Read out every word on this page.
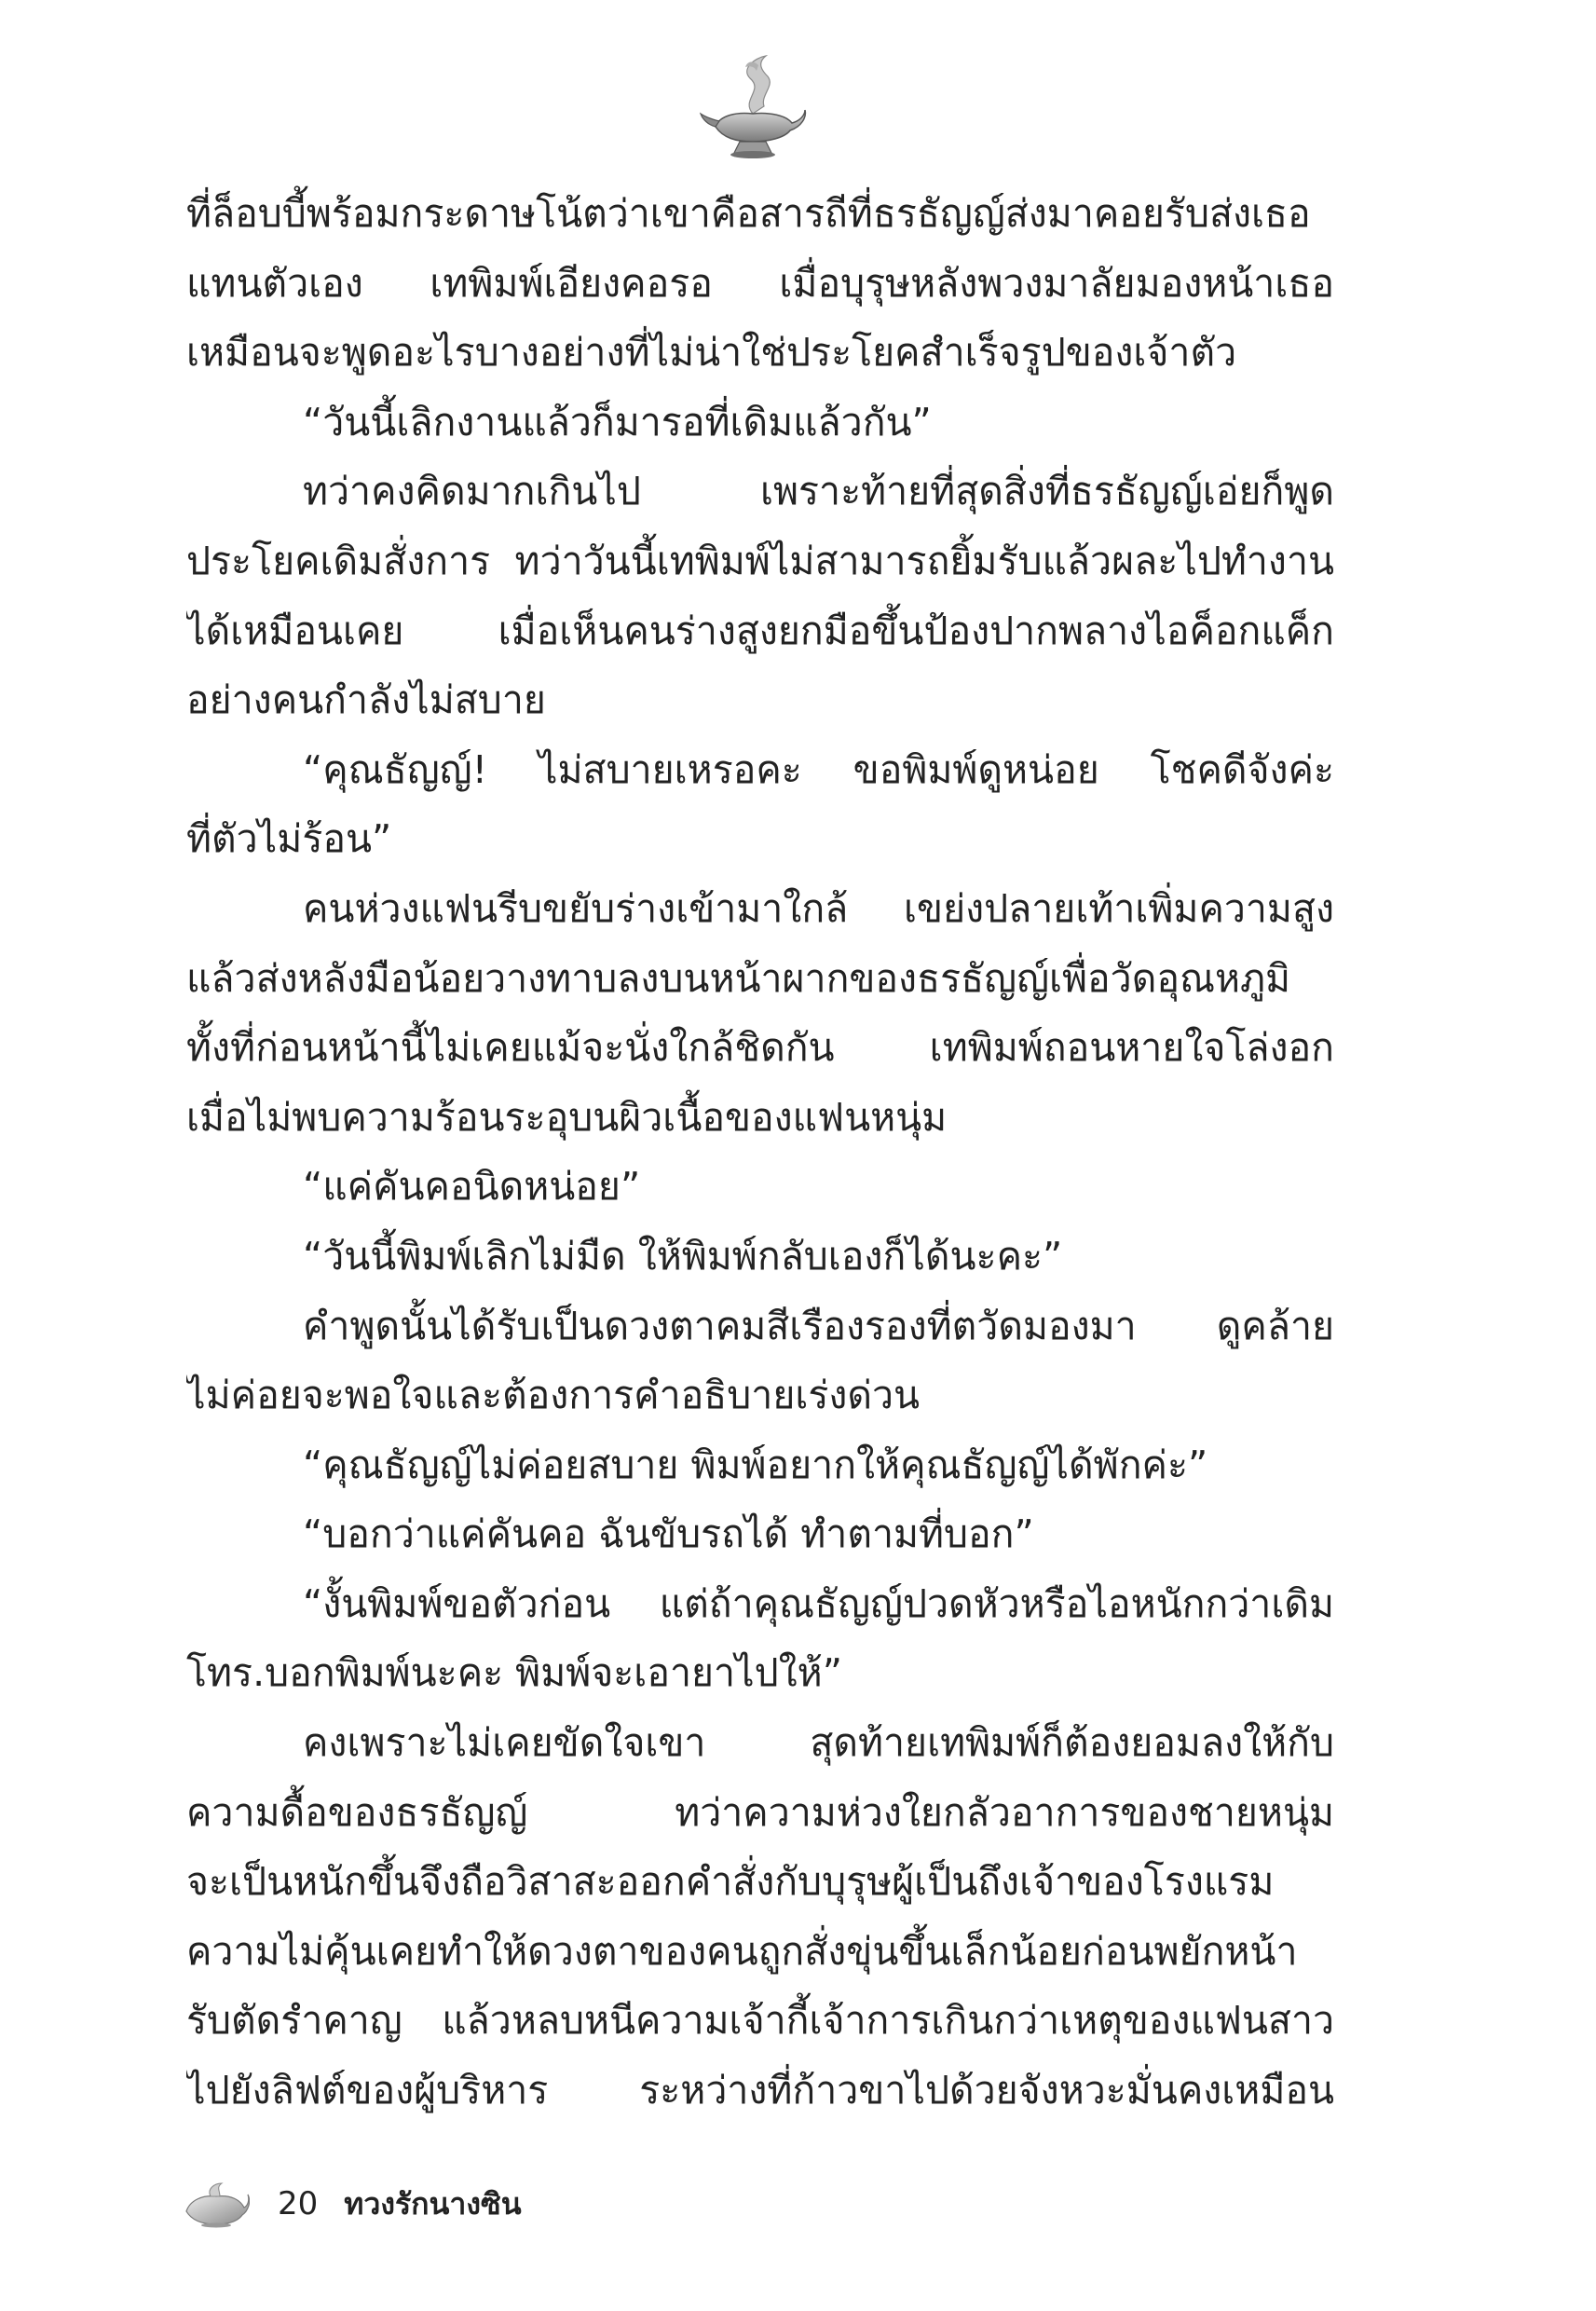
ที่ล็อบบี้พร้อมกระดาษโน้ตว่าเขาคือสารถีที่ธรธัญญ์ส่งมาคอยรับส่งเธอ
แทนตัวเอง เทพิมพ์เอียงคอรอ เมื่อบุรุษหลังพวงมาลัยมองหน้าเธอ
เหมือนจะพูดอะไรบางอย่างที่ไม่น่าใช่ประโยคสำเร็จรูปของเจ้าตัว
“วันนี้เลิกงานแล้วก็มารอที่เดิมแล้วกัน”
ทว่าคงคิดมากเกินไป เพราะท้ายที่สุดสิ่งที่ธรธัญญ์เอ่ยก็พูด
ประโยคเดิมสั่งการ ทว่าวันนี้เทพิมพ์ไม่สามารถยิ้มรับแล้วผละไปทำงาน
ได้เหมือนเคย เมื่อเห็นคนร่างสูงยกมือขึ้นป้องปากพลางไอค็อกแค็ก
อย่างคนกำลังไม่สบาย
“คุณธัญญ์! ไม่สบายเหรอคะ ขอพิมพ์ดูหน่อย โชคดีจังค่ะ
ที่ตัวไม่ร้อน”
คนห่วงแฟนรีบขยับร่างเข้ามาใกล้ เขย่งปลายเท้าเพิ่มความสูง
แล้วส่งหลังมือน้อยวางทาบลงบนหน้าผากของธรธัญญ์เพื่อวัดอุณหภูมิ
ทั้งที่ก่อนหน้านี้ไม่เคยแม้จะนั่งใกล้ชิดกัน เทพิมพ์ถอนหายใจโล่งอก
เมื่อไม่พบความร้อนระอุบนผิวเนื้อของแฟนหนุ่ม
“แค่คันคอนิดหน่อย”
“วันนี้พิมพ์เลิกไม่มืด ให้พิมพ์กลับเองก็ได้นะคะ”
คำพูดนั้นได้รับเป็นดวงตาคมสีเรืองรองที่ตวัดมองมา ดูคล้าย
ไม่ค่อยจะพอใจและต้องการคำอธิบายเร่งด่วน
“คุณธัญญ์ไม่ค่อยสบาย พิมพ์อยากให้คุณธัญญ์ได้พักค่ะ”
“บอกว่าแค่คันคอ ฉันขับรถได้ ทำตามที่บอก”
“งั้นพิมพ์ขอตัวก่อน แต่ถ้าคุณธัญญ์ปวดหัวหรือไอหนักกว่าเดิม
โทร.บอกพิมพ์นะคะ พิมพ์จะเอายาไปให้”
คงเพราะไม่เคยขัดใจเขา สุดท้ายเทพิมพ์ก็ต้องยอมลงให้กับ
ความดื้อของธรธัญญ์ ทว่าความห่วงใยกลัวอาการของชายหนุ่ม
จะเป็นหนักขึ้นจึงถือวิสาสะออกคำสั่งกับบุรุษผู้เป็นถึงเจ้าของโรงแรม
ความไม่คุ้นเคยทำให้ดวงตาของคนถูกสั่งขุ่นขึ้นเล็กน้อยก่อนพยักหน้า
รับตัดรำคาญ แล้วหลบหนีความเจ้ากี้เจ้าการเกินกว่าเหตุของแฟนสาว
ไปยังลิฟต์ของผู้บริหาร ระหว่างที่ก้าวขาไปด้วยจังหวะมั่นคงเหมือน
20 ทวงรักนางซิน
